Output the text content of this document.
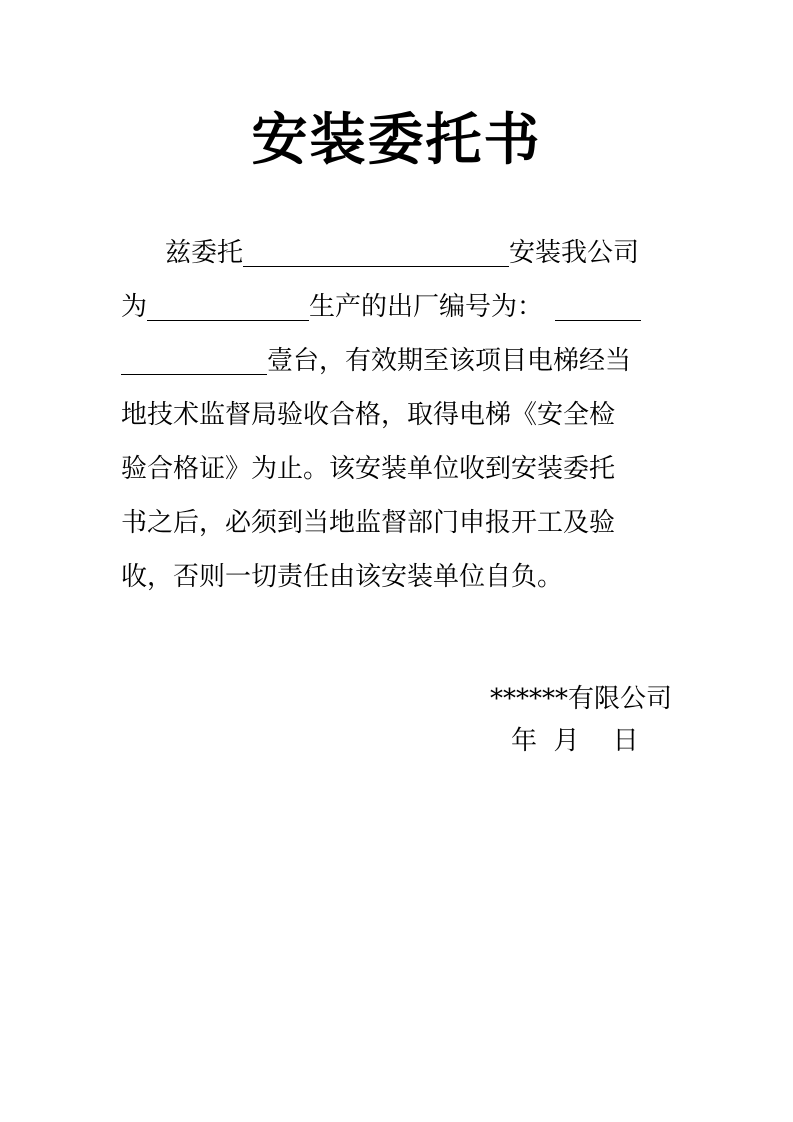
安装委托书
兹委托	安装我公司
为	生产的出厂编号为：
壹台，有效期至该项目电梯经当
地技术监督局验收合格，取得电梯《安全检
验合格证》为止。该安装单位收到安装委托
书之后，必须到当地监督部门申报开工及验
收，否则一切责任由该安装单位自负。
******有限公司
年  月    日
